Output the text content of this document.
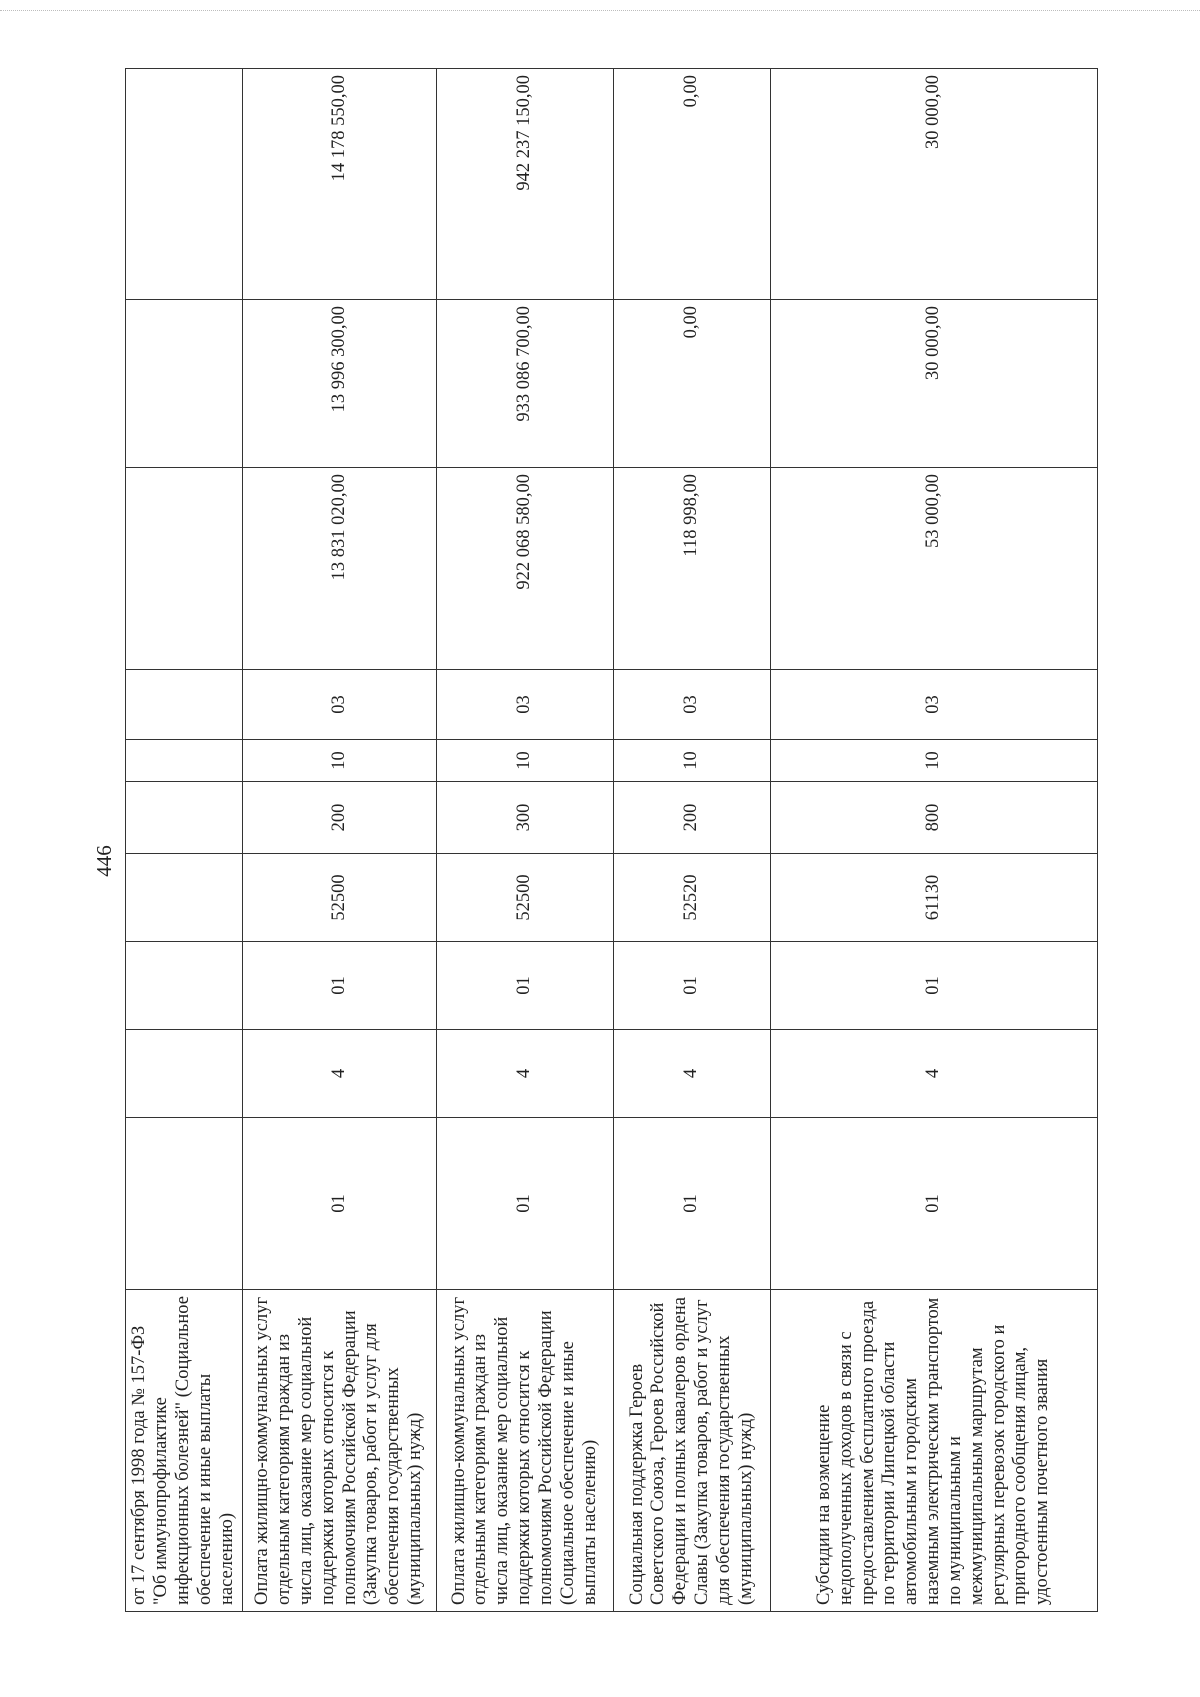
446
от 17 сентября 1998 года № 157-ФЗ "Об иммунопрофилактике инфекционных болезней" (Социальное обеспечение и иные выплаты населению)										
Оплата жилищно-коммунальных услуг отдельным категориям граждан из числа лиц, оказание мер социальной поддержки которых относится к полномочиям Российской Федерации (Закупка товаров, работ и услуг для обеспечения государственных (муниципальных) нужд)	01	4	01	52500	200	10	03	13 831 020,00	13 996 300,00	14 178 550,00
Оплата жилищно-коммунальных услуг отдельным категориям граждан из числа лиц, оказание мер социальной поддержки которых относится к полномочиям Российской Федерации (Социальное обеспечение и иные выплаты населению)	01	4	01	52500	300	10	03	922 068 580,00	933 086 700,00	942 237 150,00
Социальная поддержка Героев Советского Союза, Героев Российской Федерации и полных кавалеров ордена Славы (Закупка товаров, работ и услуг для обеспечения государственных (муниципальных) нужд)	01	4	01	52520	200	10	03	118 998,00	0,00	0,00
Субсидии на возмещение недополученных доходов в связи с предоставлением бесплатного проезда по территории Липецкой области автомобильным и городским наземным электрическим транспортом по муниципальным и межмуниципальным маршрутам регулярных перевозок городского и пригородного сообщения лицам, удостоенным почетного звания	01	4	01	61130	800	10	03	53 000,00	30 000,00	30 000,00
